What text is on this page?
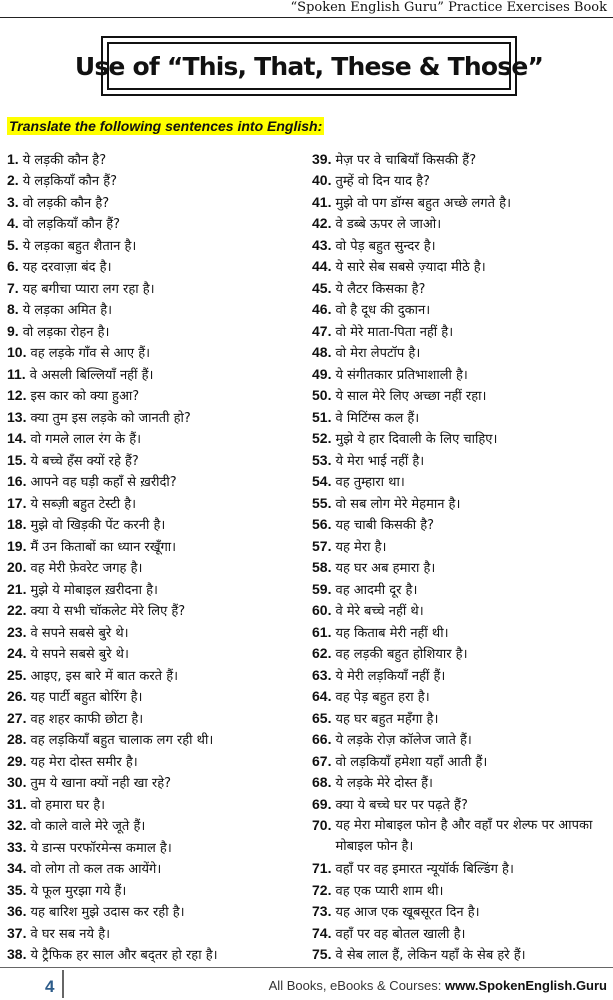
“Spoken English Guru” Practice Exercises Book
Use of “This, That, These & Those”
Translate the following sentences into English:
1. ये लड़की कौन है?
2. ये लड़कियाँ कौन हैं?
3. वो लड़की कौन है?
4. वो लड़कियाँ कौन हैं?
5. ये लड़का बहुत शैतान है।
6. यह दरवाज़ा बंद है।
7. यह बगीचा प्यारा लग रहा है।
8. ये लड़का अमित है।
9. वो लड़का रोहन है।
10. वह लड़के गाँव से आए हैं।
11. वे असली बिल्लियाँ नहीं हैं।
12. इस कार को क्या हुआ?
13. क्या तुम इस लड़के को जानती हो?
14. वो गमले लाल रंग के हैं।
15. ये बच्चे हँस क्यों रहे हैं?
16. आपने वह घड़ी कहाँ से ख़रीदी?
17. ये सब्ज़ी बहुत टेस्टी है।
18. मुझे वो खिड़की पेंट करनी है।
19. मैं उन किताबों का ध्यान रखूँगा।
20. वह मेरी फ़ेवरेट जगह है।
21. मुझे ये मोबाइल ख़रीदना है।
22. क्या ये सभी चॉकलेट मेरे लिए हैं?
23. वे सपने सबसे बुरे थे।
24. ये सपने सबसे बुरे थे।
25. आइए, इस बारे में बात करते हैं।
26. यह पार्टी बहुत बोरिंग है।
27. वह शहर काफी छोटा है।
28. वह लड़कियाँ बहुत चालाक लग रही थी।
29. यह मेरा दोस्त समीर है।
30. तुम ये खाना क्यों नही खा रहे?
31. वो हमारा घर है।
32. वो काले वाले मेरे जूते हैं।
33. ये डान्स परफॉरमेन्स कमाल है।
34. वो लोग तो कल तक आयेंगे।
35. ये फूल मुरझा गये हैं।
36. यह बारिश मुझे उदास कर रही है।
37. वे घर सब नये है।
38. ये ट्रैफिक हर साल और बद्तर हो रहा है।
39. मेज़ पर वे चाबियाँ किसकी हैं?
40. तुम्हें वो दिन याद है?
41. मुझे वो पग डॉग्स बहुत अच्छे लगते है।
42. वे डब्बे ऊपर ले जाओ।
43. वो पेड़ बहुत सुन्दर है।
44. ये सारे सेब सबसे ज़्यादा मीठे है।
45. ये लैटर किसका है?
46. वो है दूध की दुकान।
47. वो मेरे माता-पिता नहीं है।
48. वो मेरा लेपटॉप है।
49. ये संगीतकार प्रतिभाशाली है।
50. ये साल मेरे लिए अच्छा नहीं रहा।
51. वे मिटिंग्स कल हैं।
52. मुझे ये हार दिवाली के लिए चाहिए।
53. ये मेरा भाई नहीं है।
54. वह तुम्हारा था।
55. वो सब लोग मेरे मेहमान है।
56. यह चाबी किसकी है?
57. यह मेरा है।
58. यह घर अब हमारा है।
59. वह आदमी दूर है।
60. वे मेरे बच्चे नहीं थे।
61. यह किताब मेरी नहीं थी।
62. वह लड़की बहुत होशियार है।
63. ये मेरी लड़कियाँ नहीं हैं।
64. वह पेड़ बहुत हरा है।
65. यह घर बहुत महँगा है।
66. ये लड़के रोज़ कॉलेज जाते हैं।
67. वो लड़कियाँ हमेशा यहाँ आती हैं।
68. ये लड़के मेरे दोस्त हैं।
69. क्या ये बच्चे घर पर पढ़ते हैं?
70. यह मेरा मोबाइल फोन है और वहाँ पर शेल्फ पर आपका मोबाइल फोन है।
71. वहाँ पर वह इमारत न्यूयॉर्क बिल्डिंग है।
72. वह एक प्यारी शाम थी।
73. यह आज एक खूबसूरत दिन है।
74. वहाँ पर वह बोतल खाली है।
75. वे सेब लाल हैं, लेकिन यहाँ के सेब हरे हैं।
4	All Books, eBooks & Courses: www.SpokenEnglish.Guru
